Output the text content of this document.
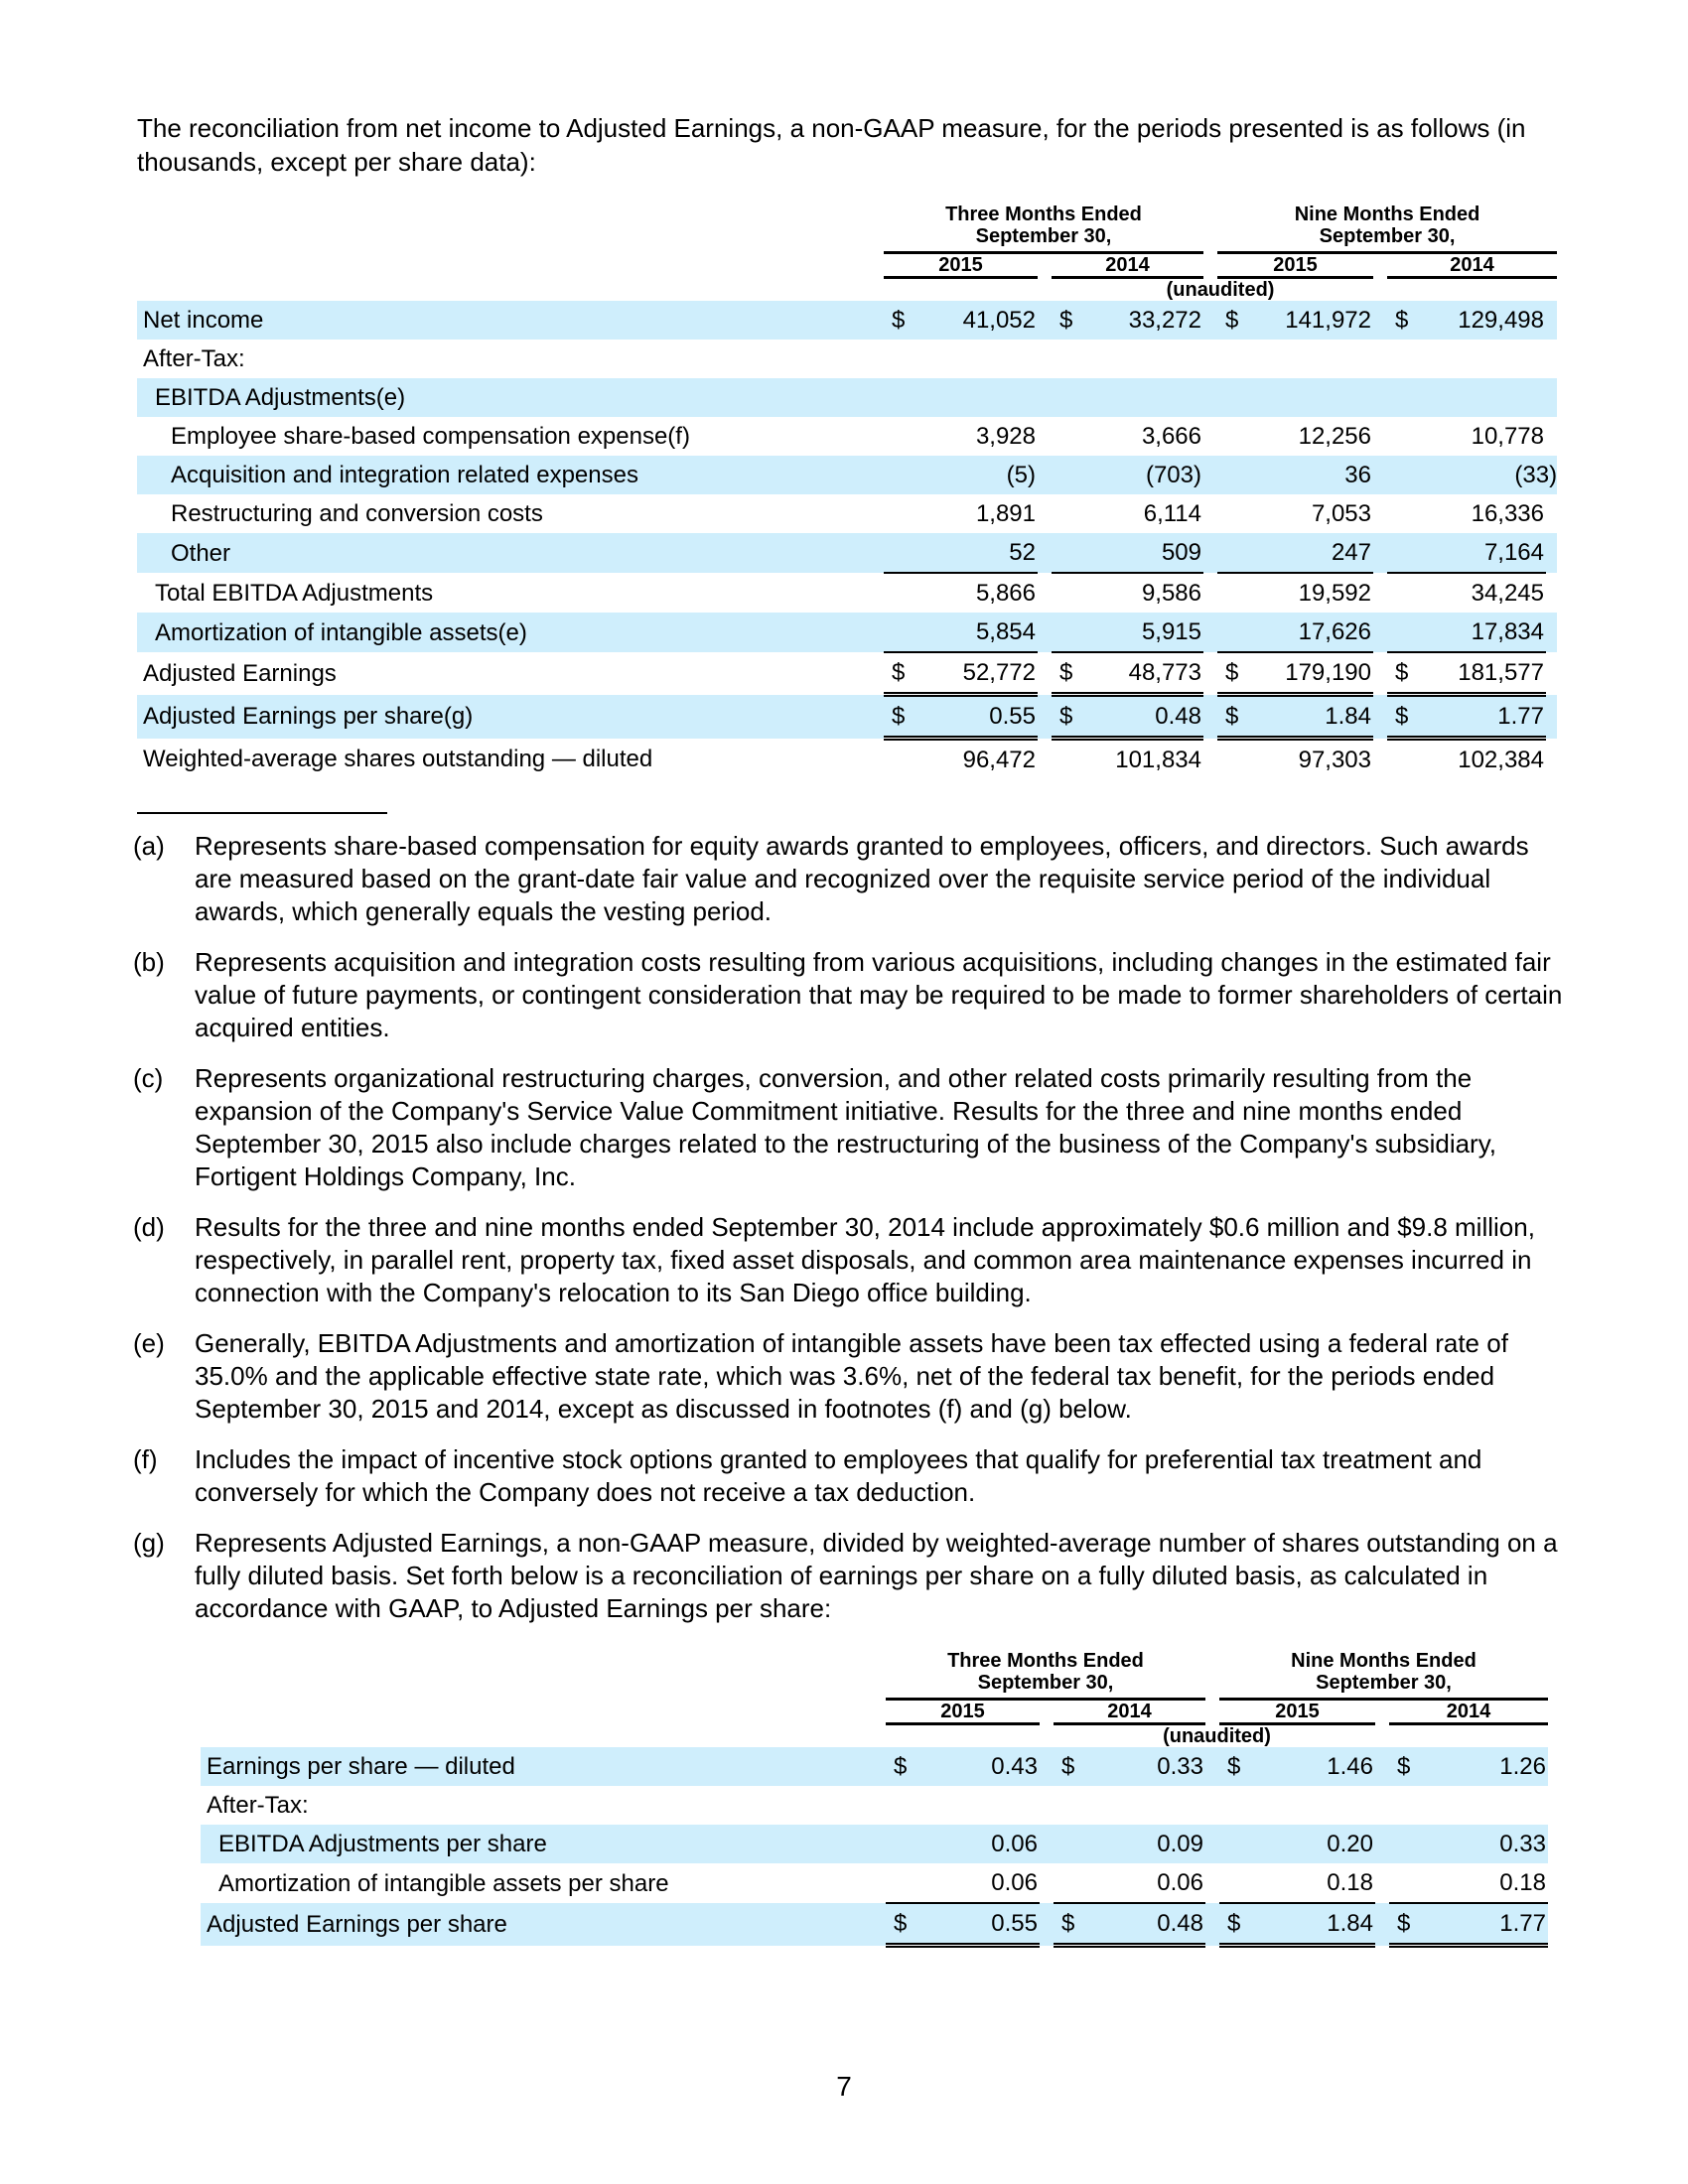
The reconciliation from net income to Adjusted Earnings, a non-GAAP measure, for the periods presented is as follows (in thousands, except per share data):
	Three Months Ended September 30,						Nine Months Ended September 30,					
	2015			2014			2015			2014		
	(unaudited)											
Net income	$	41,052		$	33,272		$	141,972		$	129,498	
After-Tax:												
EBITDA Adjustments(e)												
Employee share-based compensation expense(f)		3,928			3,666			12,256			10,778	
Acquisition and integration related expenses		(5)			(703)			36			(33)	
Restructuring and conversion costs		1,891			6,114			7,053			16,336	
Other		52			509			247			7,164	
Total EBITDA Adjustments		5,866			9,586			19,592			34,245	
Amortization of intangible assets(e)		5,854			5,915			17,626			17,834	
Adjusted Earnings	$	52,772		$	48,773		$	179,190		$	181,577	
Adjusted Earnings per share(g)	$	0.55		$	0.48		$	1.84		$	1.77	
Weighted-average shares outstanding — diluted		96,472			101,834			97,303			102,384	
(a)	Represents share-based compensation for equity awards granted to employees, officers, and directors. Such awards are measured based on the grant-date fair value and recognized over the requisite service period of the individual awards, which generally equals the vesting period.
(b)	Represents acquisition and integration costs resulting from various acquisitions, including changes in the estimated fair value of future payments, or contingent consideration that may be required to be made to former shareholders of certain acquired entities.
(c)	Represents organizational restructuring charges, conversion, and other related costs primarily resulting from the expansion of the Company's Service Value Commitment initiative. Results for the three and nine months ended September 30, 2015 also include charges related to the restructuring of the business of the Company's subsidiary, Fortigent Holdings Company, Inc.
(d)	Results for the three and nine months ended September 30, 2014 include approximately $0.6 million and $9.8 million, respectively, in parallel rent, property tax, fixed asset disposals, and common area maintenance expenses incurred in connection with the Company's relocation to its San Diego office building.
(e)	Generally, EBITDA Adjustments and amortization of intangible assets have been tax effected using a federal rate of 35.0% and the applicable effective state rate, which was 3.6%, net of the federal tax benefit, for the periods ended September 30, 2015 and 2014, except as discussed in footnotes (f) and (g) below.
(f)	Includes the impact of incentive stock options granted to employees that qualify for preferential tax treatment and conversely for which the Company does not receive a tax deduction.
(g)	Represents Adjusted Earnings, a non-GAAP measure, divided by weighted-average number of shares outstanding on a fully diluted basis. Set forth below is a reconciliation of earnings per share on a fully diluted basis, as calculated in accordance with GAAP, to Adjusted Earnings per share:
	Three Months Ended September 30,						Nine Months Ended September 30,					
	2015			2014			2015			2014		
	(unaudited)											
Earnings per share — diluted	$	0.43		$	0.33		$	1.46		$	1.26	
After-Tax:												
EBITDA Adjustments per share		0.06			0.09			0.20			0.33	
Amortization of intangible assets per share		0.06			0.06			0.18			0.18	
Adjusted Earnings per share	$	0.55		$	0.48		$	1.84		$	1.77	
7
